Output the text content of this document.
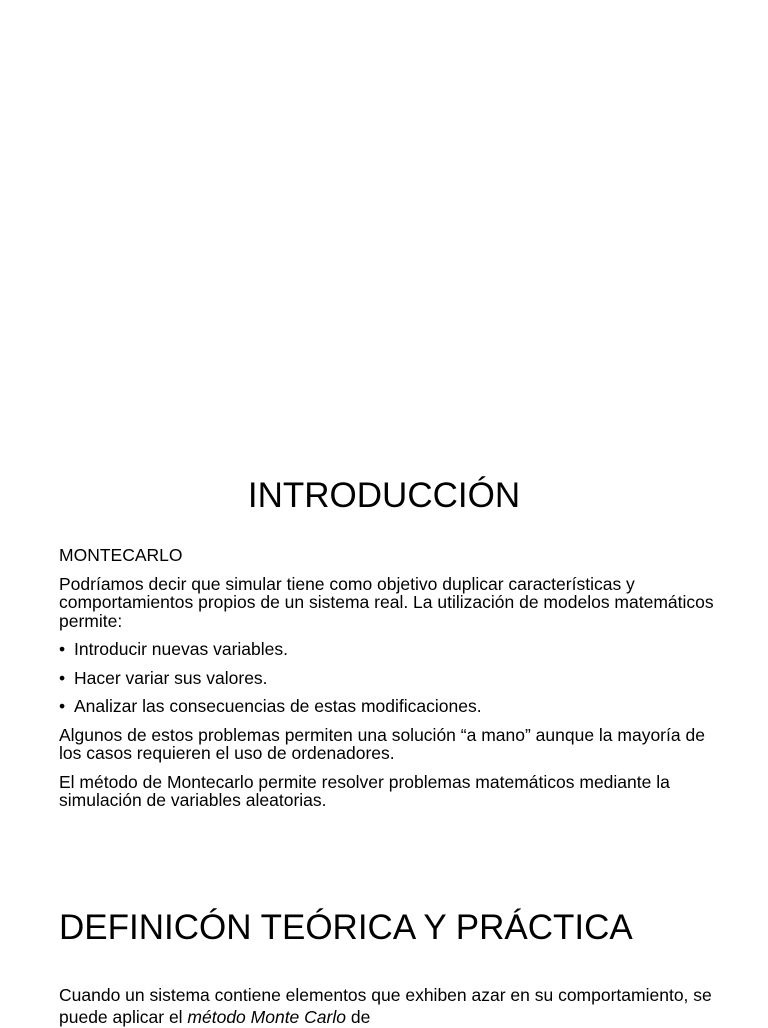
INTRODUCCIÓN

MONTECARLO

Podríamos decir que simular tiene como objetivo duplicar características y comportamientos propios de un sistema real. La utilización de modelos matemáticos permite:

• Introducir nuevas variables.
• Hacer variar sus valores.
• Analizar las consecuencias de estas modificaciones.

Algunos de estos problemas permiten una solución “a mano” aunque la mayoría de los casos requieren el uso de ordenadores.

El método de Montecarlo permite resolver problemas matemáticos mediante la simulación de variables aleatorias.

DEFINICÓN TEÓRICA Y PRÁCTICA

Cuando un sistema contiene elementos que exhiben azar en su comportamiento, se puede aplicar el método Monte Carlo de
